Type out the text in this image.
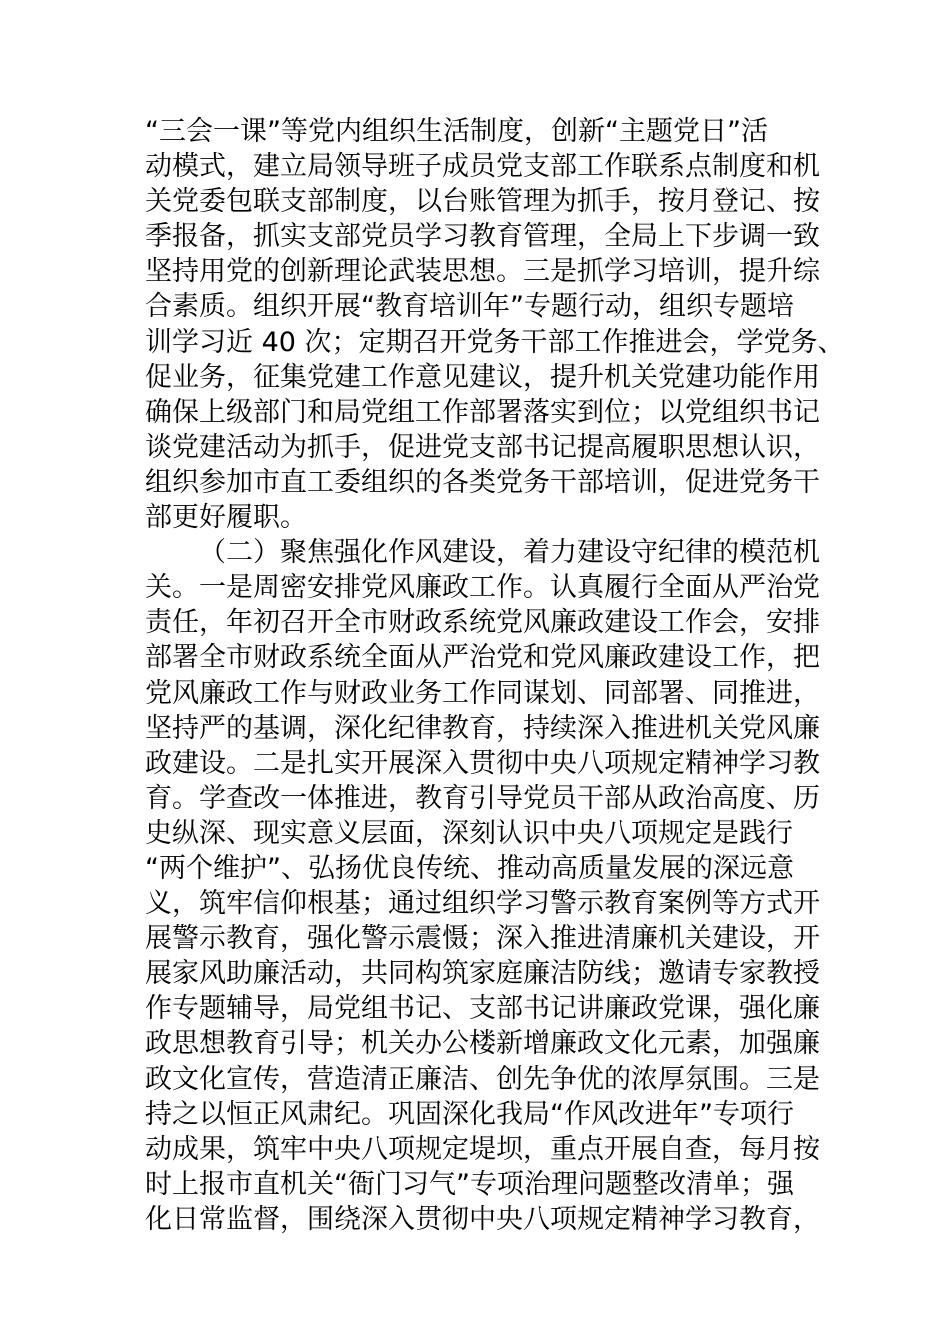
“三会一课”等党内组织生活制度，创新“主题党日”活
动模式，建立局领导班子成员党支部工作联系点制度和机
关党委包联支部制度，以台账管理为抓手，按月登记、按
季报备，抓实支部党员学习教育管理，全局上下步调一致
坚持用党的创新理论武装思想。三是抓学习培训，提升综
合素质。组织开展“教育培训年”专题行动，组织专题培
训学习近 40 次；定期召开党务干部工作推进会，学党务、
促业务，征集党建工作意见建议，提升机关党建功能作用
确保上级部门和局党组工作部署落实到位；以党组织书记
谈党建活动为抓手，促进党支部书记提高履职思想认识，
组织参加市直工委组织的各类党务干部培训，促进党务干
部更好履职。
（二）聚焦强化作风建设，着力建设守纪律的模范机
关。一是周密安排党风廉政工作。认真履行全面从严治党
责任，年初召开全市财政系统党风廉政建设工作会，安排
部署全市财政系统全面从严治党和党风廉政建设工作，把
党风廉政工作与财政业务工作同谋划、同部署、同推进，
坚持严的基调，深化纪律教育，持续深入推进机关党风廉
政建设。二是扎实开展深入贯彻中央八项规定精神学习教
育。学查改一体推进，教育引导党员干部从政治高度、历
史纵深、现实意义层面，深刻认识中央八项规定是践行
“两个维护”、弘扬优良传统、推动高质量发展的深远意
义，筑牢信仰根基；通过组织学习警示教育案例等方式开
展警示教育，强化警示震慑；深入推进清廉机关建设，开
展家风助廉活动，共同构筑家庭廉洁防线；邀请专家教授
作专题辅导，局党组书记、支部书记讲廉政党课，强化廉
政思想教育引导；机关办公楼新增廉政文化元素，加强廉
政文化宣传，营造清正廉洁、创先争优的浓厚氛围。三是
持之以恒正风肃纪。巩固深化我局“作风改进年”专项行
动成果，筑牢中央八项规定堤坝，重点开展自查，每月按
时上报市直机关“衙门习气”专项治理问题整改清单；强
化日常监督，围绕深入贯彻中央八项规定精神学习教育，
